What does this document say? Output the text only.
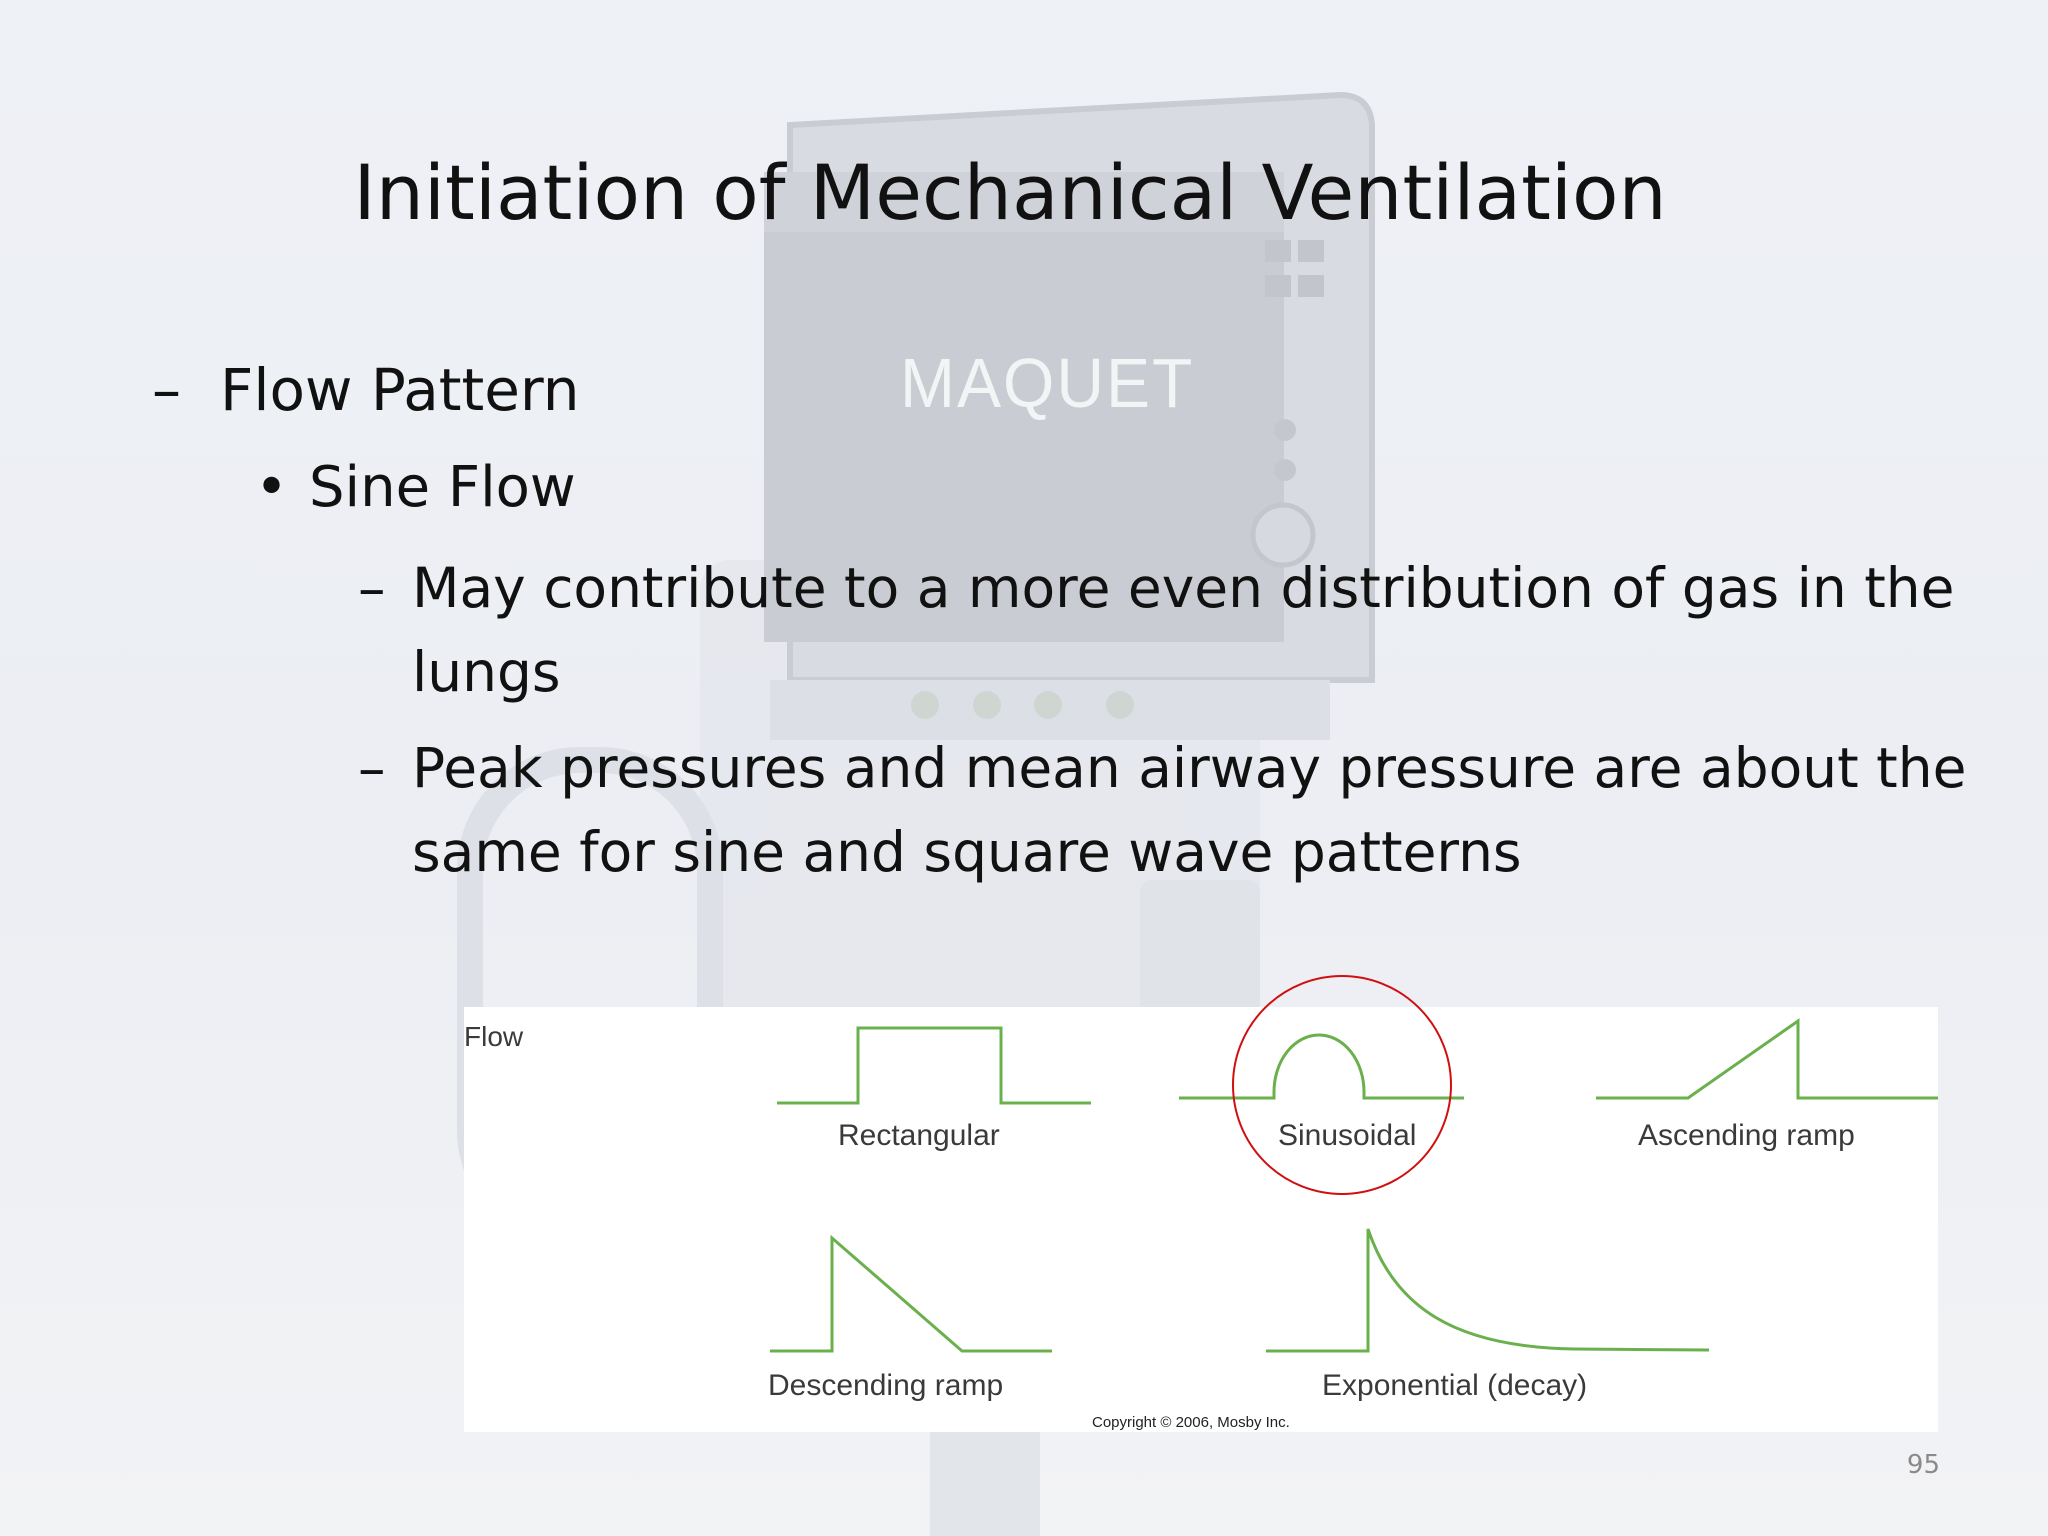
MAQUET
Initiation of Mechanical Ventilation
– Flow Pattern
• Sine Flow
– May contribute to a more even distribution of gas in the
lungs
– Peak pressures and mean airway pressure are about the
same for sine and square wave patterns
Flow
Rectangular	Sinusoidal	Ascending ramp
Descending ramp	Exponential (decay)
Copyright © 2006, Mosby Inc.
95
